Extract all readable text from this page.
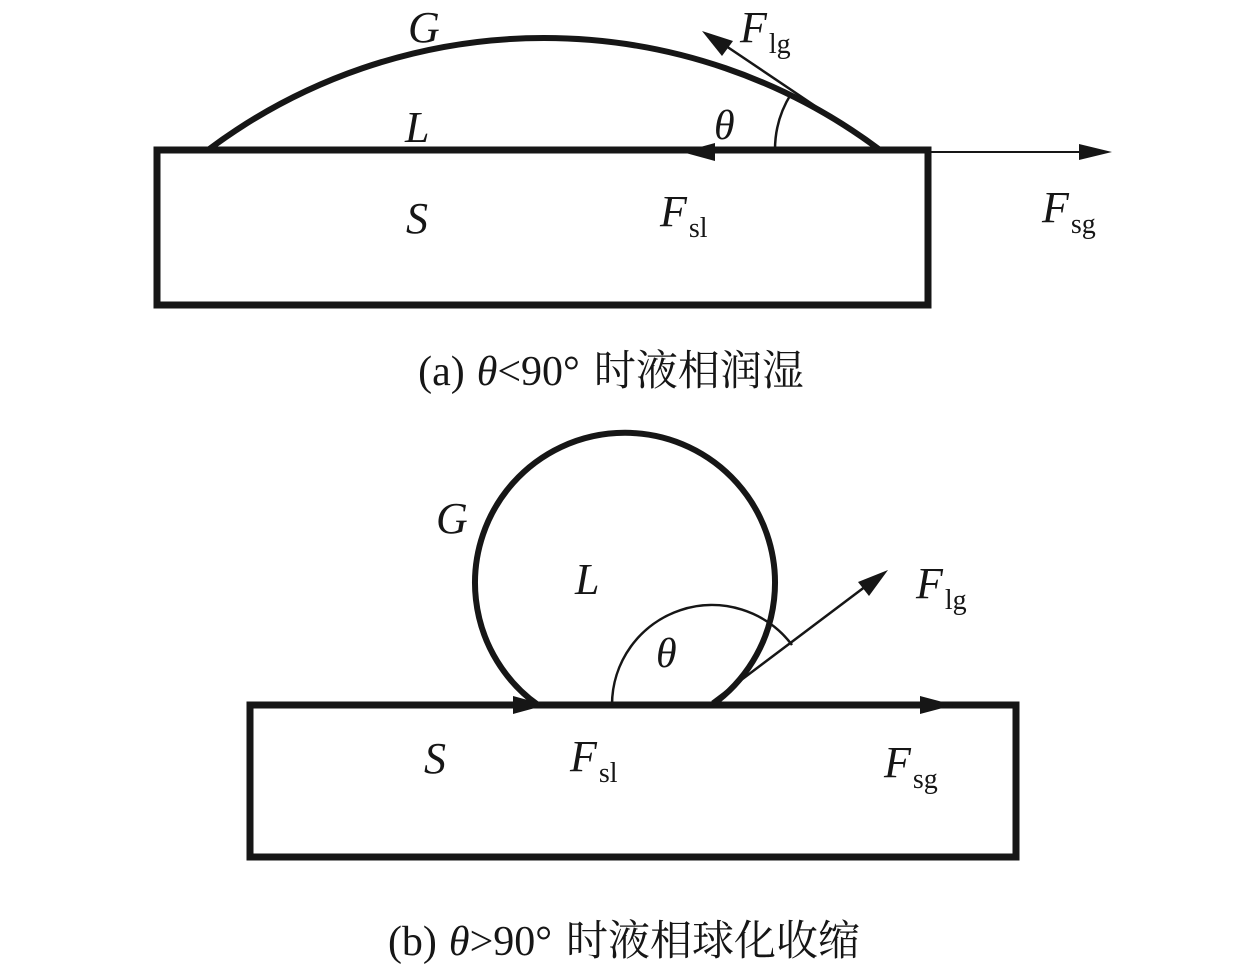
G
L
S
θ
Flg
Fsl	Fsg
G
L
S
θ
Flg
Fsl	Fsg
(a) θ<90° 时液相润湿
(b) θ>90° 时液相球化收缩
